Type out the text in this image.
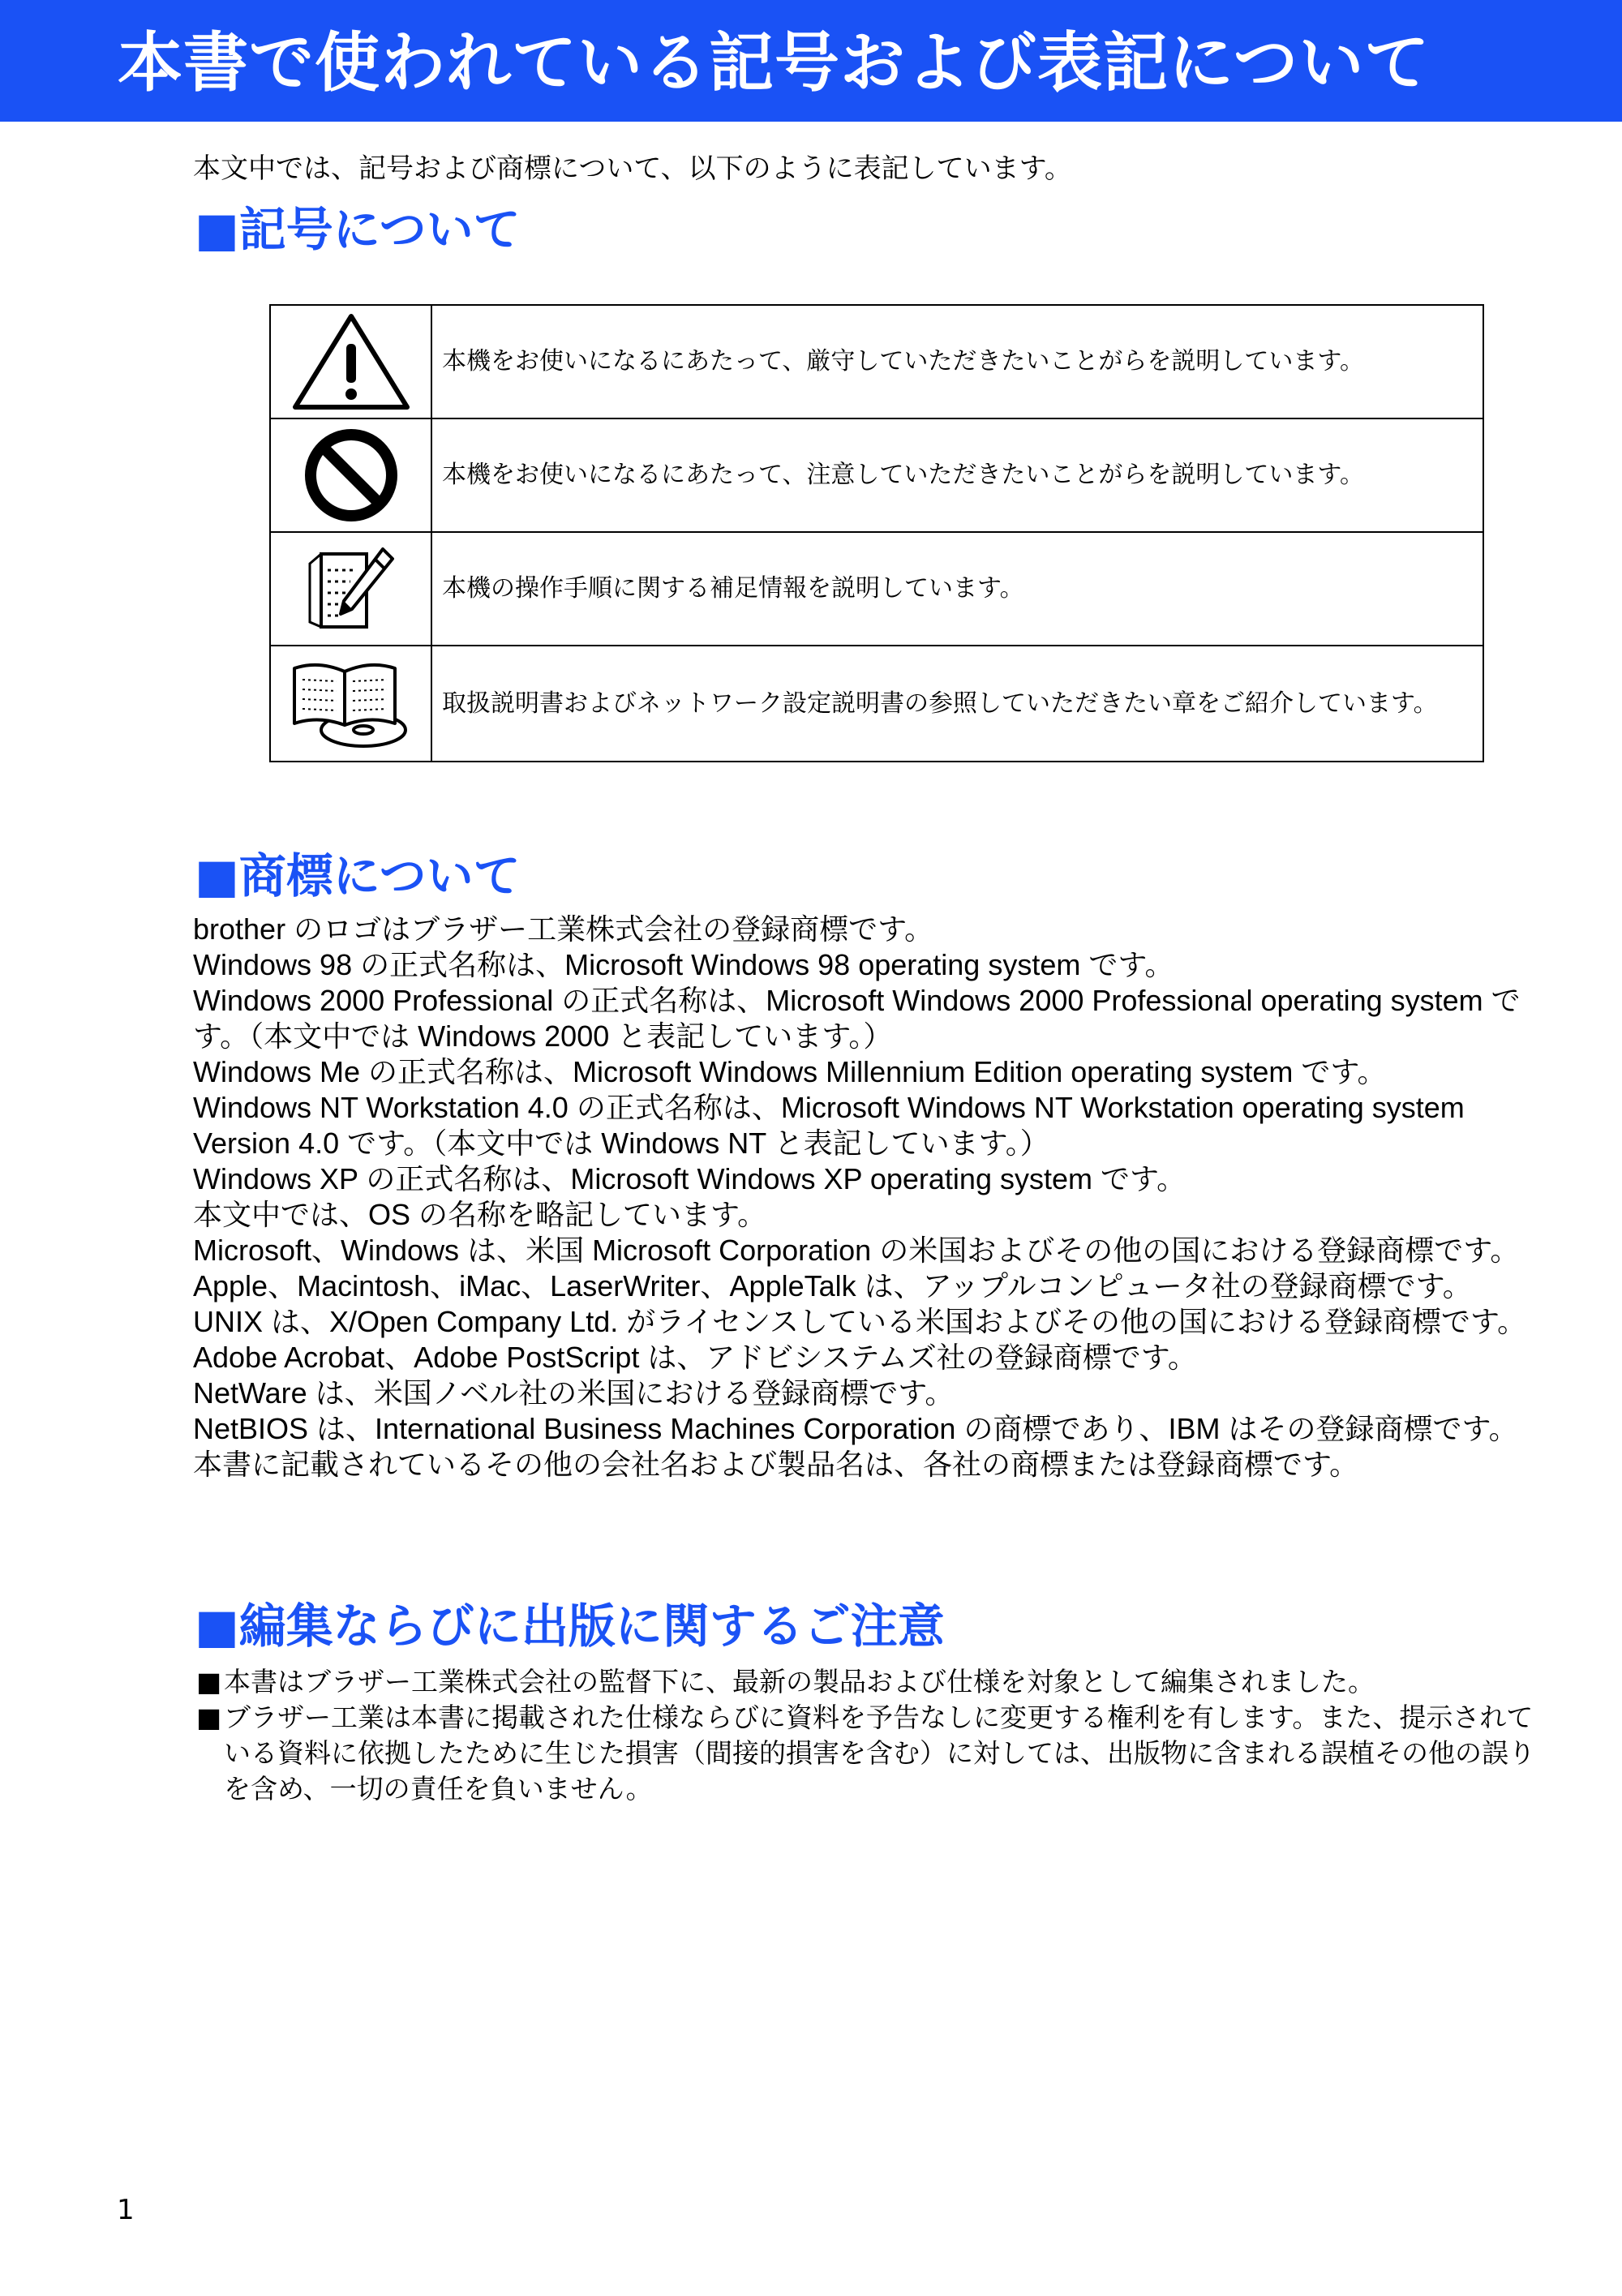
本書で使われている記号および表記について

本文中では、記号および商標について、以下のように表記しています。

■記号について
	本機をお使いになるにあたって、厳守していただきたいことがらを説明しています。

	本機をお使いになるにあたって、注意していただきたいことがらを説明しています。

	本機の操作手順に関する補足情報を説明しています。

	取扱説明書およびネットワーク設定説明書の参照していただきたい章をご紹介しています。
■商標について
brother のロゴはブラザー工業株式会社の登録商標です。
Windows 98 の正式名称は、Microsoft Windows 98 operating system です。
Windows 2000 Professional の正式名称は、Microsoft Windows 2000 Professional operating system です。（本文中では Windows 2000 と表記しています。）
Windows Me の正式名称は、Microsoft Windows Millennium Edition operating system です。
Windows NT Workstation 4.0 の正式名称は、Microsoft Windows NT Workstation operating system Version 4.0 です。（本文中では Windows NT と表記しています。）
Windows XP の正式名称は、Microsoft Windows XP operating system です。
本文中では、OS の名称を略記しています。
Microsoft、Windows は、米国 Microsoft Corporation の米国およびその他の国における登録商標です。
Apple、Macintosh、iMac、LaserWriter、AppleTalk は、アップルコンピュータ社の登録商標です。
UNIX は、X/Open Company Ltd. がライセンスしている米国およびその他の国における登録商標です。
Adobe Acrobat、Adobe PostScript は、アドビシステムズ社の登録商標です。
NetWare は、米国ノベル社の米国における登録商標です。
NetBIOS は、International Business Machines Corporation の商標であり、IBM はその登録商標です。
本書に記載されているその他の会社名および製品名は、各社の商標または登録商標です。
■編集ならびに出版に関するご注意
■ 本書はブラザー工業株式会社の監督下に、最新の製品および仕様を対象として編集されました。
■ ブラザー工業は本書に掲載された仕様ならびに資料を予告なしに変更する権利を有します。また、提示されている資料に依拠したために生じた損害（間接的損害を含む）に対しては、出版物に含まれる誤植その他の誤りを含め、一切の責任を負いません。
1
